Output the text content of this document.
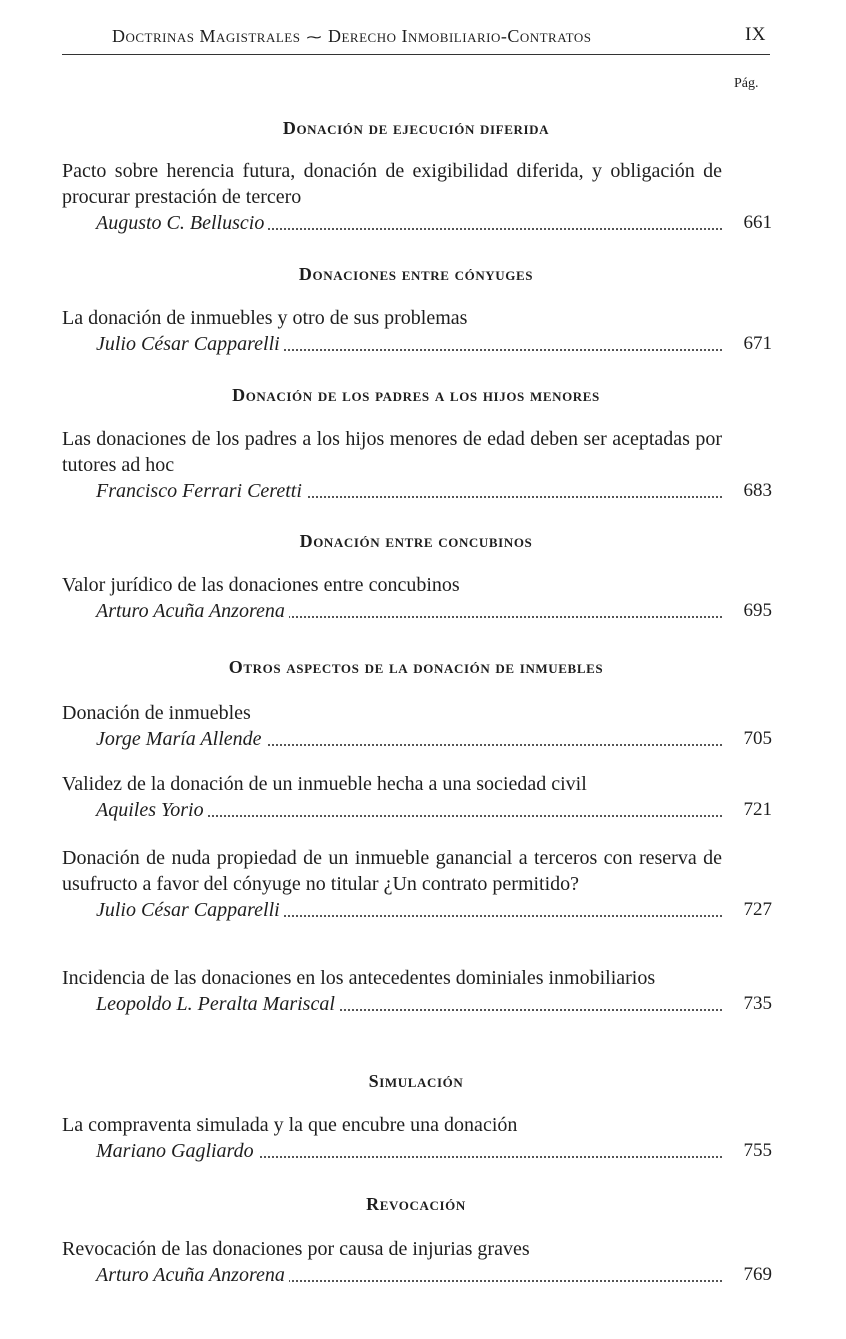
Doctrinas Magistrales ⁓ Derecho Inmobiliario-Contratos	IX
Pág.
Donación de ejecución diferida
Pacto sobre herencia futura, donación de exigibilidad diferida, y obligación de procurar prestación de tercero
Augusto C. Belluscio	661
Donaciones entre cónyuges
La donación de inmuebles y otro de sus problemas
Julio César Capparelli	671
Donación de los padres a los hijos menores
Las donaciones de los padres a los hijos menores de edad deben ser aceptadas por tutores ad hoc
Francisco Ferrari Ceretti	683
Donación entre concubinos
Valor jurídico de las donaciones entre concubinos
Arturo Acuña Anzorena	695
Otros aspectos de la donación de inmuebles
Donación de inmuebles
Jorge María Allende	705
Validez de la donación de un inmueble hecha a una sociedad civil
Aquiles Yorio	721
Donación de nuda propiedad de un inmueble ganancial a terceros con reserva de usufructo a favor del cónyuge no titular ¿Un contrato permitido?
Julio César Capparelli	727
Incidencia de las donaciones en los antecedentes dominiales inmobiliarios
Leopoldo L. Peralta Mariscal	735
Simulación
La compraventa simulada y la que encubre una donación
Mariano Gagliardo	755
Revocación
Revocación de las donaciones por causa de injurias graves
Arturo Acuña Anzorena	769
